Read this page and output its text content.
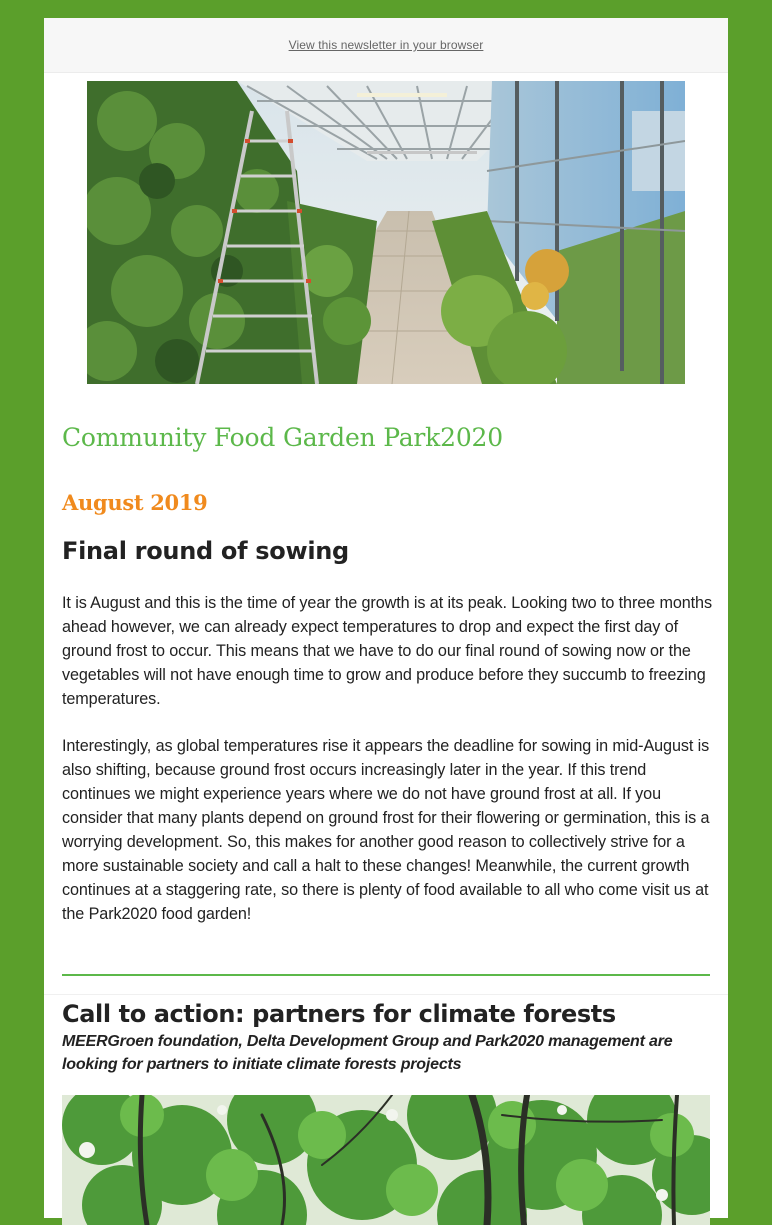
View this newsletter in your browser
Community Food Garden Park2020
August 2019
Final round of sowing

It is August and this is the time of year the growth is at its peak. Looking two to three months ahead however, we can already expect temperatures to drop and expect the first day of ground frost to occur. This means that we have to do our final round of sowing now or the vegetables will not have enough time to grow and produce before they succumb to freezing temperatures.

Interestingly, as global temperatures rise it appears the deadline for sowing in mid-August is also shifting, because ground frost occurs increasingly later in the year. If this trend continues we might experience years where we do not have ground frost at all. If you consider that many plants depend on ground frost for their flowering or germination, this is a worrying development. So, this makes for another good reason to collectively strive for a more sustainable society and call a halt to these changes! Meanwhile, the current growth continues at a staggering rate, so there is plenty of food available to all who come visit us at the Park2020 food garden!

Call to action: partners for climate forests

MEERGroen foundation, Delta Development Group and Park2020 management are looking for partners to initiate climate forests projects
